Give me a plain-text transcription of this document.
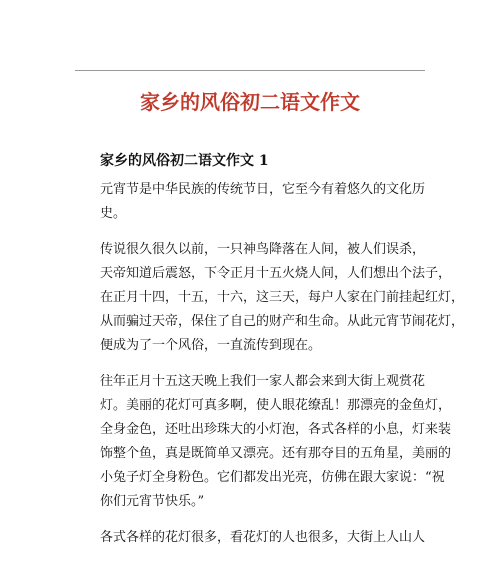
家乡的风俗初二语文作文
家乡的风俗初二语文作文 1
元宵节是中华民族的传统节日，它至今有着悠久的文化历
史。
传说很久很久以前，一只神鸟降落在人间，被人们误杀，
天帝知道后震怒，下令正月十五火烧人间，人们想出个法子，
在正月十四，十五，十六，这三天，每户人家在门前挂起红灯，
从而骗过天帝，保住了自己的财产和生命。从此元宵节闹花灯，
便成为了一个风俗，一直流传到现在。
往年正月十五这天晚上我们一家人都会来到大街上观赏花
灯。美丽的花灯可真多啊，使人眼花缭乱！那漂亮的金鱼灯，
全身金色，还吐出珍珠大的小灯泡，各式各样的小息，灯来装
饰整个鱼，真是既简单又漂亮。还有那夺目的五角星，美丽的
小兔子灯全身粉色。它们都发出光亮，仿佛在跟大家说：“祝
你们元宵节快乐。”
各式各样的花灯很多，看花灯的人也很多，大街上人山人
